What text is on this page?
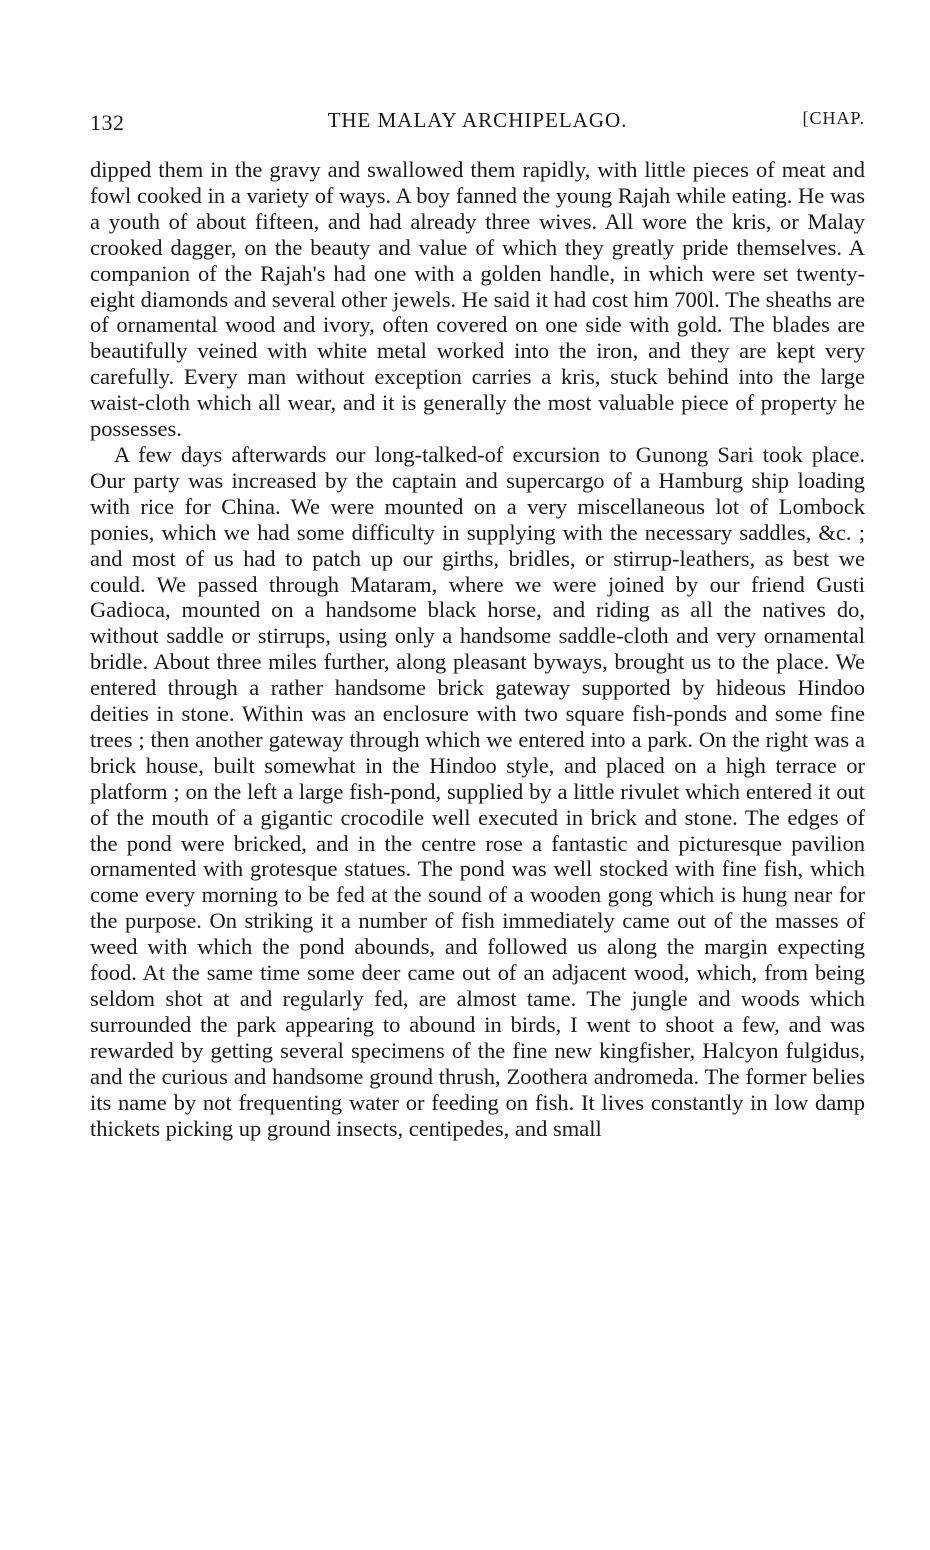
132	THE MALAY ARCHIPELAGO.	[CHAP.

dipped them in the gravy and swallowed them rapidly, with little pieces of meat and fowl cooked in a variety of ways. A boy fanned the young Rajah while eating. He was a youth of about fifteen, and had already three wives. All wore the kris, or Malay crooked dagger, on the beauty and value of which they greatly pride themselves. A companion of the Rajah's had one with a golden handle, in which were set twenty-eight diamonds and several other jewels. He said it had cost him 700l. The sheaths are of ornamental wood and ivory, often covered on one side with gold. The blades are beautifully veined with white metal worked into the iron, and they are kept very carefully. Every man without exception carries a kris, stuck behind into the large waist-cloth which all wear, and it is generally the most valuable piece of property he possesses.

A few days afterwards our long-talked-of excursion to Gunong Sari took place. Our party was increased by the captain and supercargo of a Hamburg ship loading with rice for China. We were mounted on a very miscellaneous lot of Lombock ponies, which we had some difficulty in supplying with the necessary saddles, &c. ; and most of us had to patch up our girths, bridles, or stirrup-leathers, as best we could. We passed through Mataram, where we were joined by our friend Gusti Gadioca, mounted on a handsome black horse, and riding as all the natives do, without saddle or stirrups, using only a handsome saddle-cloth and very ornamental bridle. About three miles further, along pleasant byways, brought us to the place. We entered through a rather handsome brick gateway supported by hideous Hindoo deities in stone. Within was an enclosure with two square fish-ponds and some fine trees ; then another gateway through which we entered into a park. On the right was a brick house, built somewhat in the Hindoo style, and placed on a high terrace or platform ; on the left a large fish-pond, supplied by a little rivulet which entered it out of the mouth of a gigantic crocodile well executed in brick and stone. The edges of the pond were bricked, and in the centre rose a fantastic and picturesque pavilion ornamented with grotesque statues. The pond was well stocked with fine fish, which come every morning to be fed at the sound of a wooden gong which is hung near for the purpose. On striking it a number of fish immediately came out of the masses of weed with which the pond abounds, and followed us along the margin expecting food. At the same time some deer came out of an adjacent wood, which, from being seldom shot at and regularly fed, are almost tame. The jungle and woods which surrounded the park appearing to abound in birds, I went to shoot a few, and was rewarded by getting several specimens of the fine new kingfisher, Halcyon fulgidus, and the curious and handsome ground thrush, Zoothera andromeda. The former belies its name by not frequenting water or feeding on fish. It lives constantly in low damp thickets picking up ground insects, centipedes, and small
